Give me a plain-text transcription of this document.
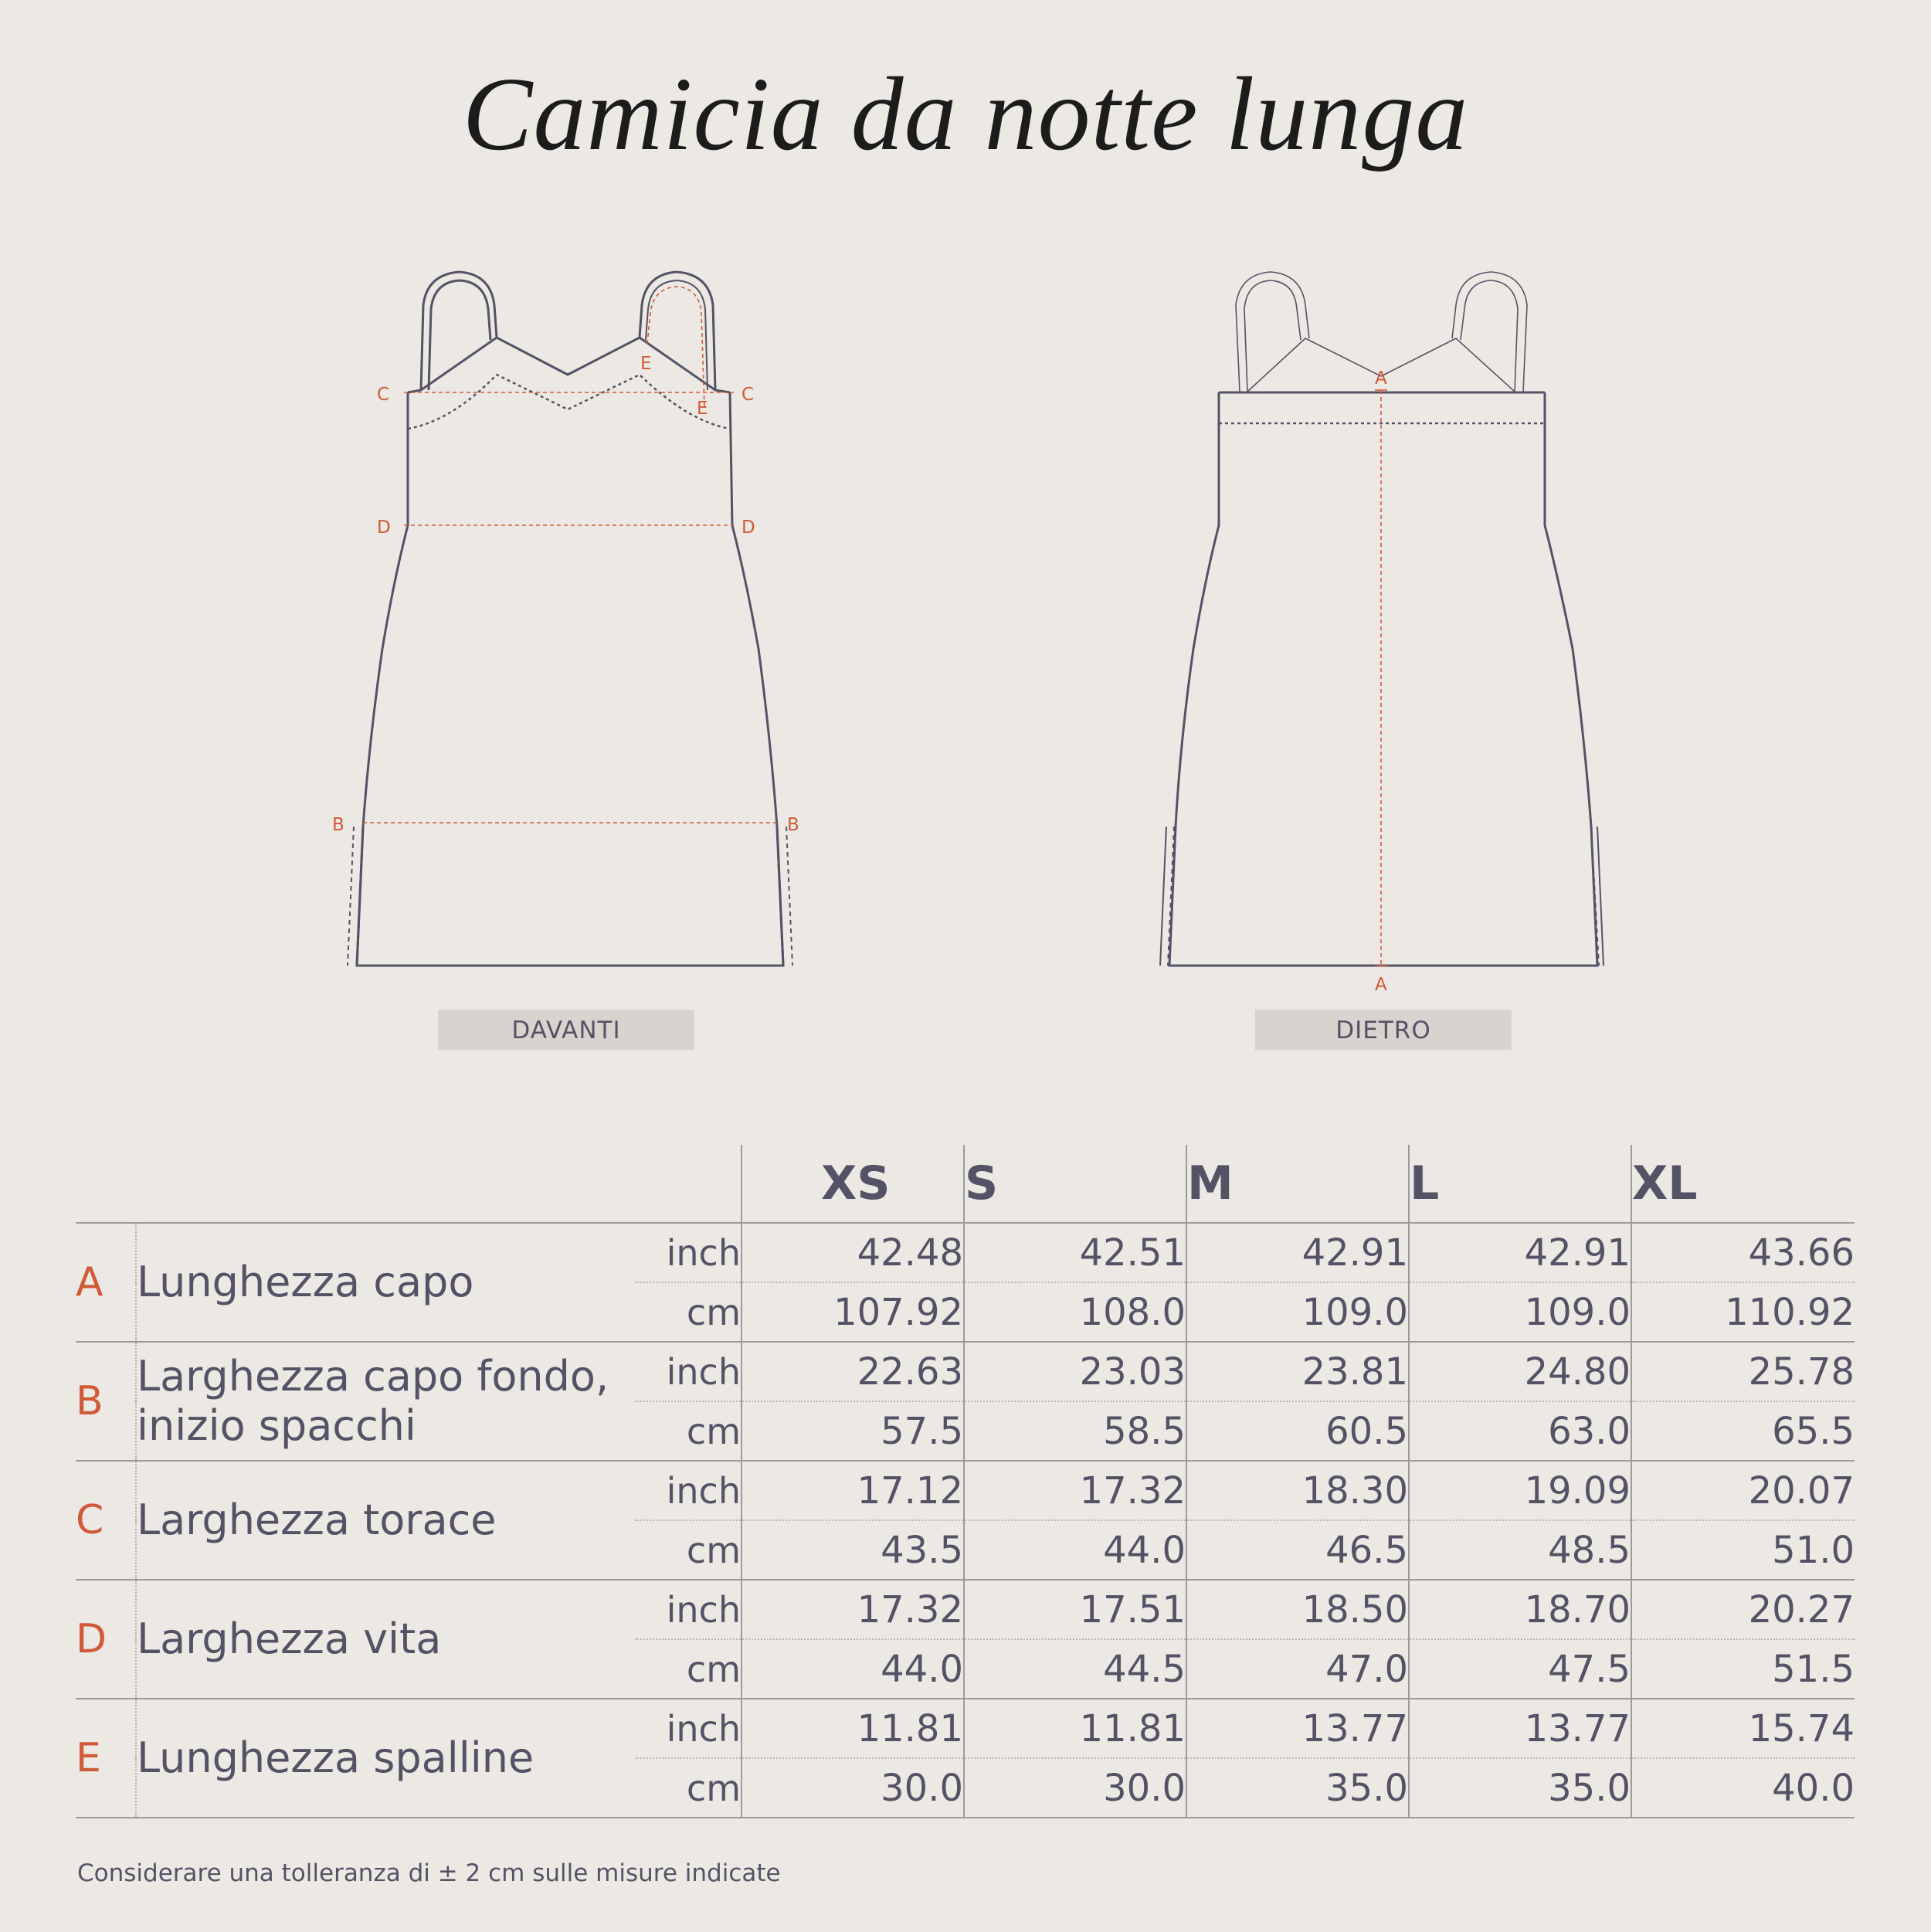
Camicia da notte lunga
C	C
E
E
D	D
B	B
A
A
DAVANTI	DIETRO
			XS	S	M	L	XL
A	Lunghezza capo	inch	42.48	42.51	42.91	42.91	43.66
		cm	107.92	108.0	109.0	109.0	110.92
B	Larghezza capo fondo,
inizio spacchi	inch	22.63	23.03	23.81	24.80	25.78
		cm	57.5	58.5	60.5	63.0	65.5
C	Larghezza torace	inch	17.12	17.32	18.30	19.09	20.07
		cm	43.5	44.0	46.5	48.5	51.0
D	Larghezza vita	inch	17.32	17.51	18.50	18.70	20.27
		cm	44.0	44.5	47.0	47.5	51.5
E	Lunghezza spalline	inch	11.81	11.81	13.77	13.77	15.74
		cm	30.0	30.0	35.0	35.0	40.0
Considerare una tolleranza di ± 2 cm sulle misure indicate
